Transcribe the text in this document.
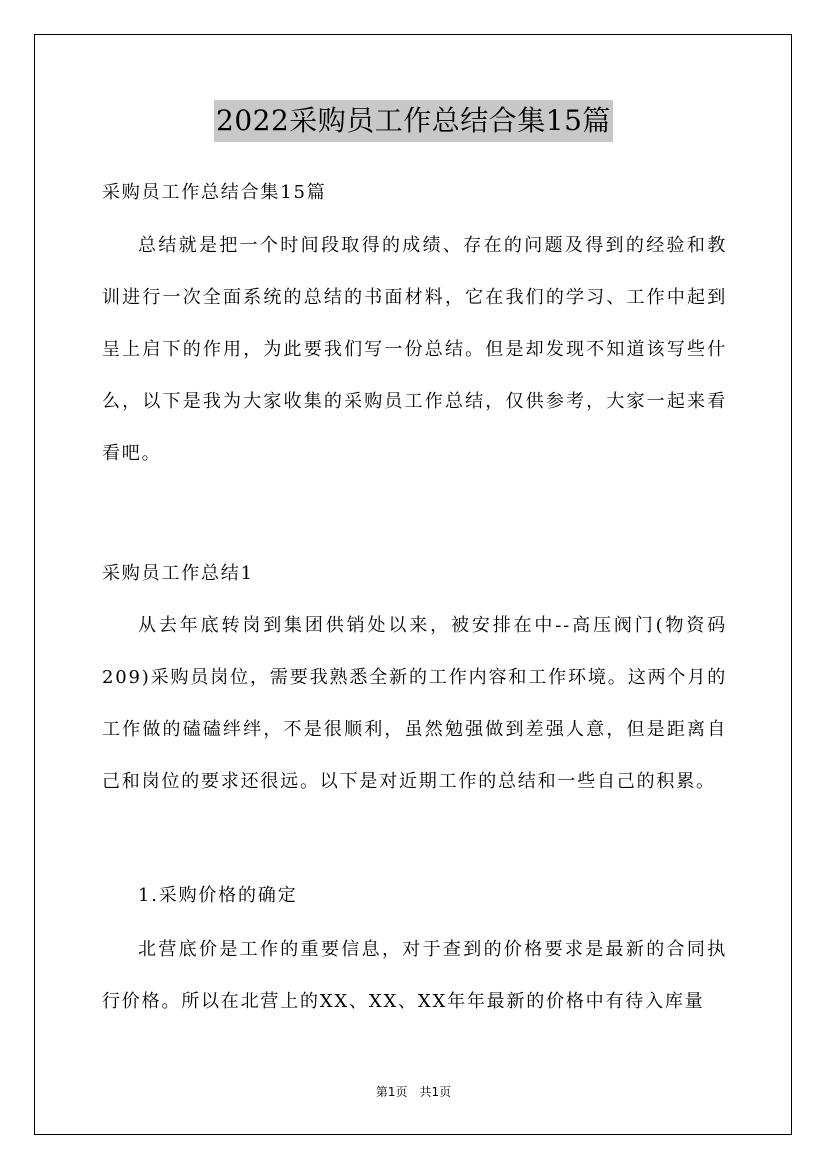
2022采购员工作总结合集15篇

采购员工作总结合集15篇

总结就是把一个时间段取得的成绩、存在的问题及得到的经验和教训进行一次全面系统的总结的书面材料，它在我们的学习、工作中起到呈上启下的作用，为此要我们写一份总结。但是却发现不知道该写些什么，以下是我为大家收集的采购员工作总结，仅供参考，大家一起来看看吧。

采购员工作总结1

从去年底转岗到集团供销处以来，被安排在中--高压阀门(物资码209)采购员岗位，需要我熟悉全新的工作内容和工作环境。这两个月的工作做的磕磕绊绊，不是很顺利，虽然勉强做到差强人意，但是距离自己和岗位的要求还很远。以下是对近期工作的总结和一些自己的积累。

1.采购价格的确定

北营底价是工作的重要信息，对于查到的价格要求是最新的合同执行价格。所以在北营上的XX、XX、XX年年最新的价格中有待入库量

第1页 共1页
